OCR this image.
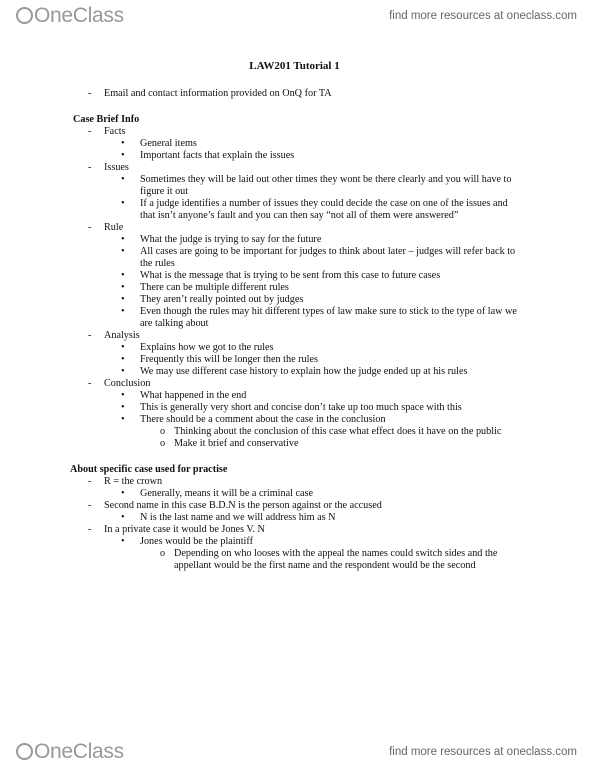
OneClass	find more resources at oneclass.com
LAW201 Tutorial 1
- Email and contact information provided on OnQ for TA
Case Brief Info
- Facts
• General items
• Important facts that explain the issues
- Issues
• Sometimes they will be laid out other times they wont be there clearly and you will have to figure it out
• If a judge identifies a number of issues they could decide the case on one of the issues and that isn’t anyone’s fault and you can then say “not all of them were answered”
- Rule
• What the judge is trying to say for the future
• All cases are going to be important for judges to think about later – judges will refer back to the rules
• What is the message that is trying to be sent from this case to future cases
• There can be multiple different rules
• They aren’t really pointed out by judges
• Even though the rules may hit different types of law make sure to stick to the type of law we are talking about
- Analysis
• Explains how we got to the rules
• Frequently this will be longer then the rules
• We may use different case history to explain how the judge ended up at his rules
- Conclusion
• What happened in the end
• This is generally very short and concise don’t take up too much space with this
• There should be a comment about the case in the conclusion
o Thinking about the conclusion of this case what effect does it have on the public
o Make it brief and conservative
About specific case used for practise
- R = the crown
• Generally, means it will be a criminal case
- Second name in this case B.D.N is the person against or the accused
• N is the last name and we will address him as N
- In a private case it would be Jones V. N
• Jones would be the plaintiff
o Depending on who looses with the appeal the names could switch sides and the appellant would be the first name and the respondent would be the second
OneClass	find more resources at oneclass.com
